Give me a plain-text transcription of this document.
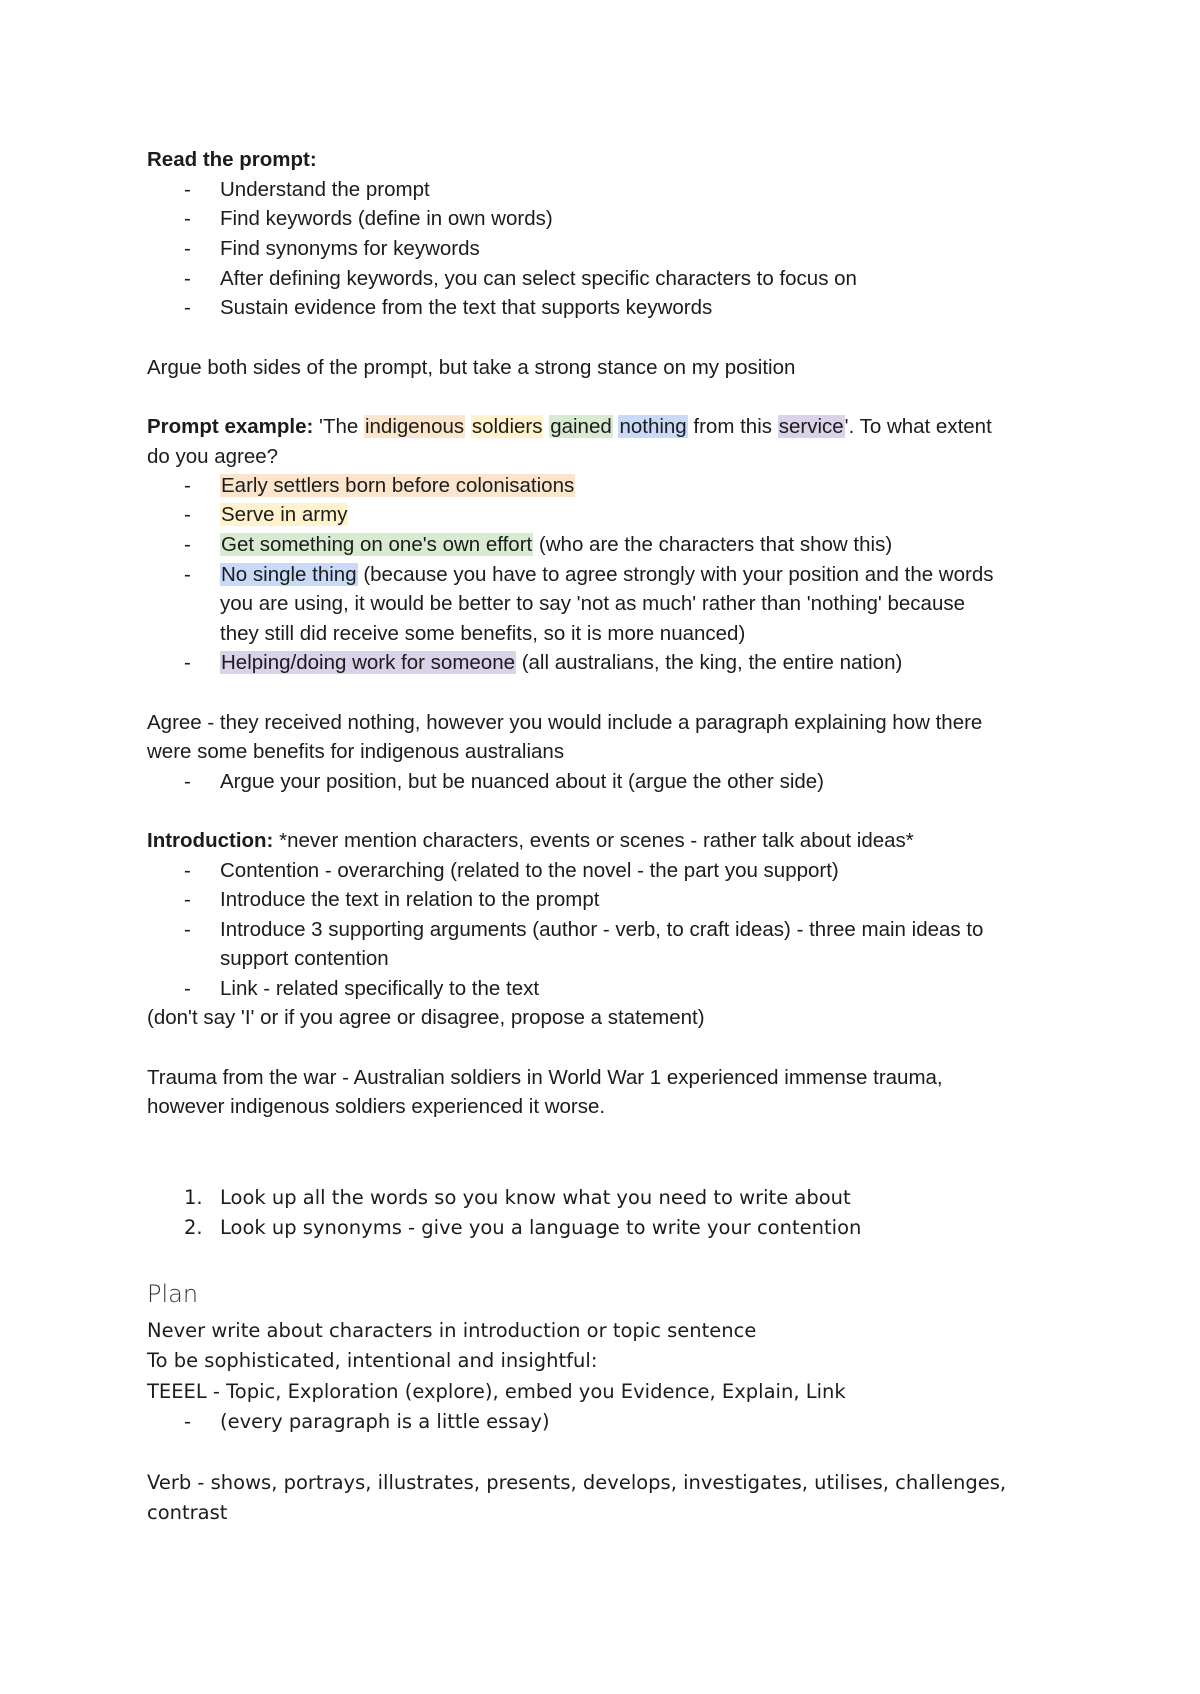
Read the prompt:
- Understand the prompt
- Find keywords (define in own words)
- Find synonyms for keywords
- After defining keywords, you can select specific characters to focus on
- Sustain evidence from the text that supports keywords
Argue both sides of the prompt, but take a strong stance on my position
Prompt example: 'The indigenous soldiers gained nothing from this service'. To what extent
do you agree?
- Early settlers born before colonisations
- Serve in army
- Get something on one's own effort (who are the characters that show this)
- No single thing (because you have to agree strongly with your position and the words
you are using, it would be better to say 'not as much' rather than 'nothing' because
they still did receive some benefits, so it is more nuanced)
- Helping/doing work for someone (all australians, the king, the entire nation)
Agree - they received nothing, however you would include a paragraph explaining how there
were some benefits for indigenous australians
- Argue your position, but be nuanced about it (argue the other side)
Introduction: *never mention characters, events or scenes - rather talk about ideas*
- Contention - overarching (related to the novel - the part you support)
- Introduce the text in relation to the prompt
- Introduce 3 supporting arguments (author - verb, to craft ideas) - three main ideas to
support contention
- Link - related specifically to the text
(don't say 'I' or if you agree or disagree, propose a statement)
Trauma from the war - Australian soldiers in World War 1 experienced immense trauma,
however indigenous soldiers experienced it worse.
1. Look up all the words so you know what you need to write about
2. Look up synonyms - give you a language to write your contention
Plan
Never write about characters in introduction or topic sentence
To be sophisticated, intentional and insightful:
TEEEL - Topic, Exploration (explore), embed you Evidence, Explain, Link
- (every paragraph is a little essay)
Verb - shows, portrays, illustrates, presents, develops, investigates, utilises, challenges,
contrast
